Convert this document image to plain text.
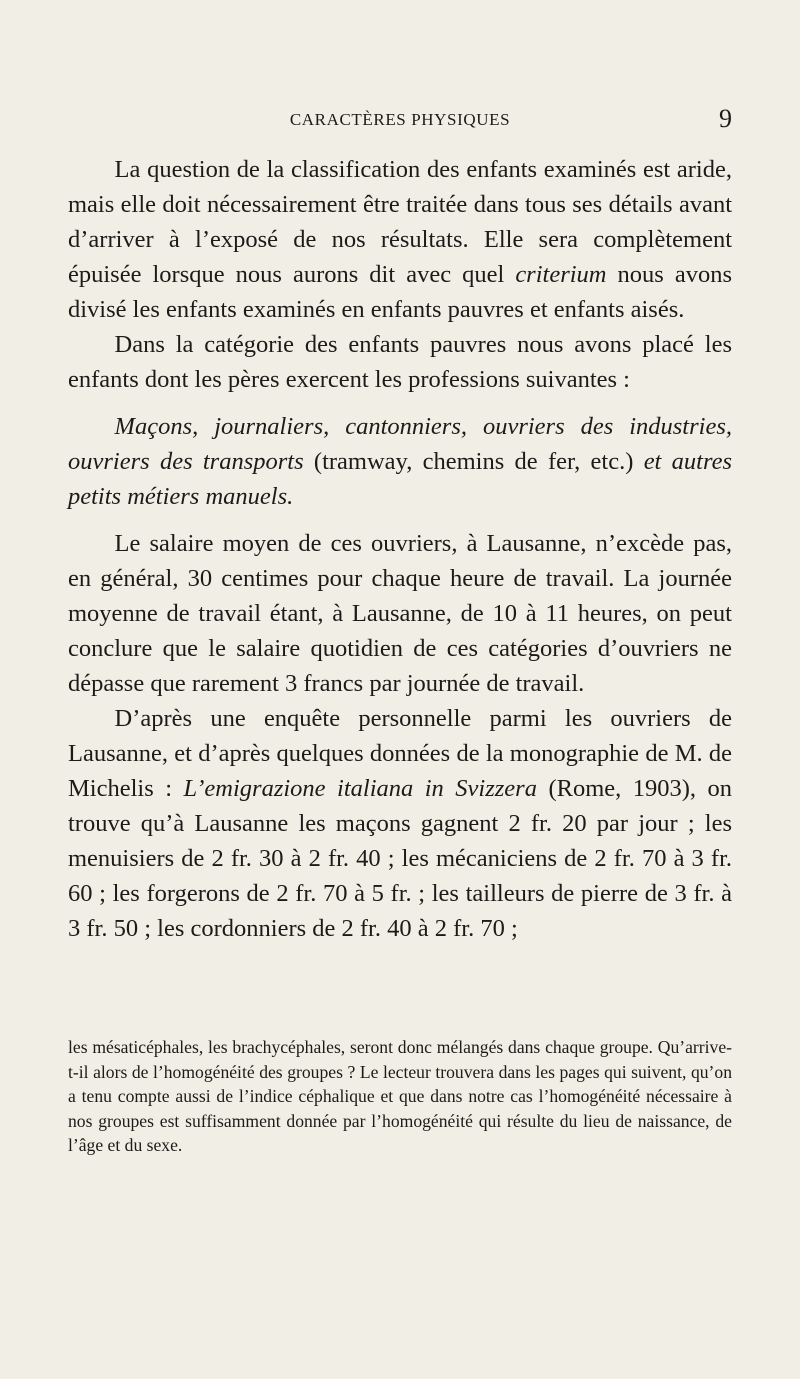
CARACTÈRES PHYSIQUES	9

La question de la classification des enfants examinés est aride, mais elle doit nécessairement être traitée dans tous ses détails avant d’arriver à l’exposé de nos résultats. Elle sera complètement épuisée lorsque nous aurons dit avec quel criterium nous avons divisé les enfants examinés en enfants pauvres et enfants aisés.

Dans la catégorie des enfants pauvres nous avons placé les enfants dont les pères exercent les professions suivantes :

Maçons, journaliers, cantonniers, ouvriers des industries, ouvriers des transports (tramway, chemins de fer, etc.) et autres petits métiers manuels.

Le salaire moyen de ces ouvriers, à Lausanne, n’excède pas, en général, 30 centimes pour chaque heure de travail. La journée moyenne de travail étant, à Lausanne, de 10 à 11 heures, on peut conclure que le salaire quotidien de ces catégories d’ouvriers ne dépasse que rarement 3 francs par journée de travail.

D’après une enquête personnelle parmi les ouvriers de Lausanne, et d’après quelques données de la monographie de M. de Michelis : L’emigrazione italiana in Svizzera (Rome, 1903), on trouve qu’à Lausanne les maçons gagnent 2 fr. 20 par jour ; les menuisiers de 2 fr. 30 à 2 fr. 40 ; les mécaniciens de 2 fr. 70 à 3 fr. 60 ; les forgerons de 2 fr. 70 à 5 fr. ; les tailleurs de pierre de 3 fr. à 3 fr. 50 ; les cordonniers de 2 fr. 40 à 2 fr. 70 ;

les mésaticéphales, les brachycéphales, seront donc mélangés dans chaque groupe. Qu’arrive-t-il alors de l’homogénéité des groupes ? Le lecteur trouvera dans les pages qui suivent, qu’on a tenu compte aussi de l’indice céphalique et que dans notre cas l’homogénéité nécessaire à nos groupes est suffisamment donnée par l’homogénéité qui résulte du lieu de naissance, de l’âge et du sexe.
